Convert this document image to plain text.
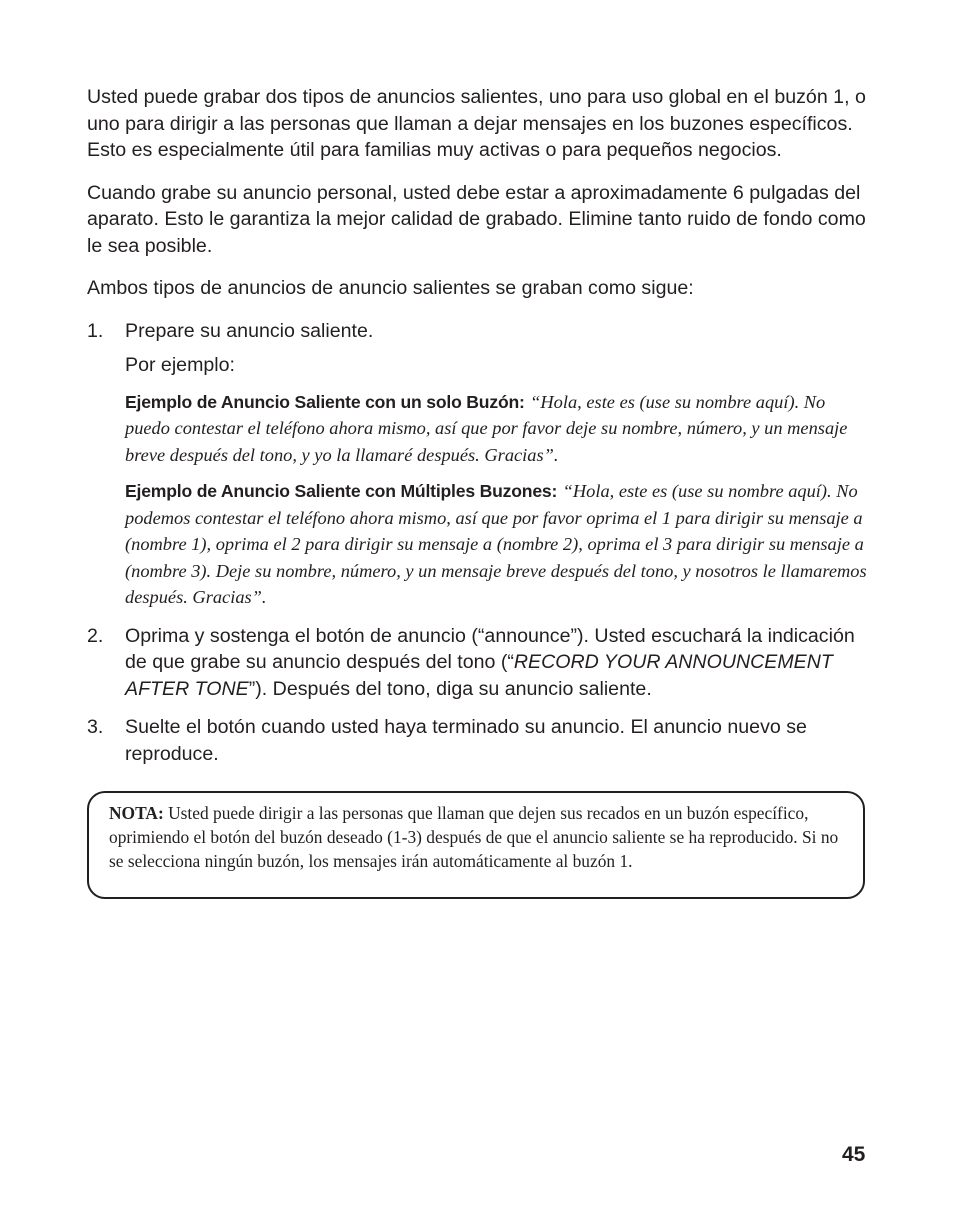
Usted puede grabar dos tipos de anuncios salientes, uno para uso global en el buzón 1, o uno para dirigir a las personas que llaman a dejar mensajes en los buzones específicos. Esto es especialmente útil para familias muy activas o para pequeños negocios.

Cuando grabe su anuncio personal, usted debe estar a aproximadamente 6 pulgadas del aparato. Esto le garantiza la mejor calidad de grabado. Elimine tanto ruido de fondo como le sea posible.

Ambos tipos de anuncios de anuncio salientes se graban como sigue:

1. Prepare su anuncio saliente.
Por ejemplo:
Ejemplo de Anuncio Saliente con un solo Buzón: “Hola, este es (use su nombre aquí). No puedo contestar el teléfono ahora mismo, así que por favor deje su nombre, número, y un mensaje breve después del tono, y yo la llamaré después. Gracias”.
Ejemplo de Anuncio Saliente con Múltiples Buzones: “Hola, este es (use su nombre aquí). No podemos contestar el teléfono ahora mismo, así que por favor oprima el 1 para dirigir su mensaje a (nombre 1), oprima el 2 para dirigir su mensaje a (nombre 2), oprima el 3 para dirigir su mensaje a (nombre 3). Deje su nombre, número, y un mensaje breve después del tono, y nosotros le llamaremos después. Gracias”.
2. Oprima y sostenga el botón de anuncio (“announce”). Usted escuchará la indicación de que grabe su anuncio después del tono (“RECORD YOUR ANNOUNCEMENT AFTER TONE”). Después del tono, diga su anuncio saliente.
3. Suelte el botón cuando usted haya terminado su anuncio. El anuncio nuevo se reproduce.
NOTA: Usted puede dirigir a las personas que llaman que dejen sus recados en un buzón específico, oprimiendo el botón del buzón deseado (1-3) después de que el anuncio saliente se ha reproducido. Si no se selecciona ningún buzón, los mensajes irán automáticamente al buzón 1.
45
